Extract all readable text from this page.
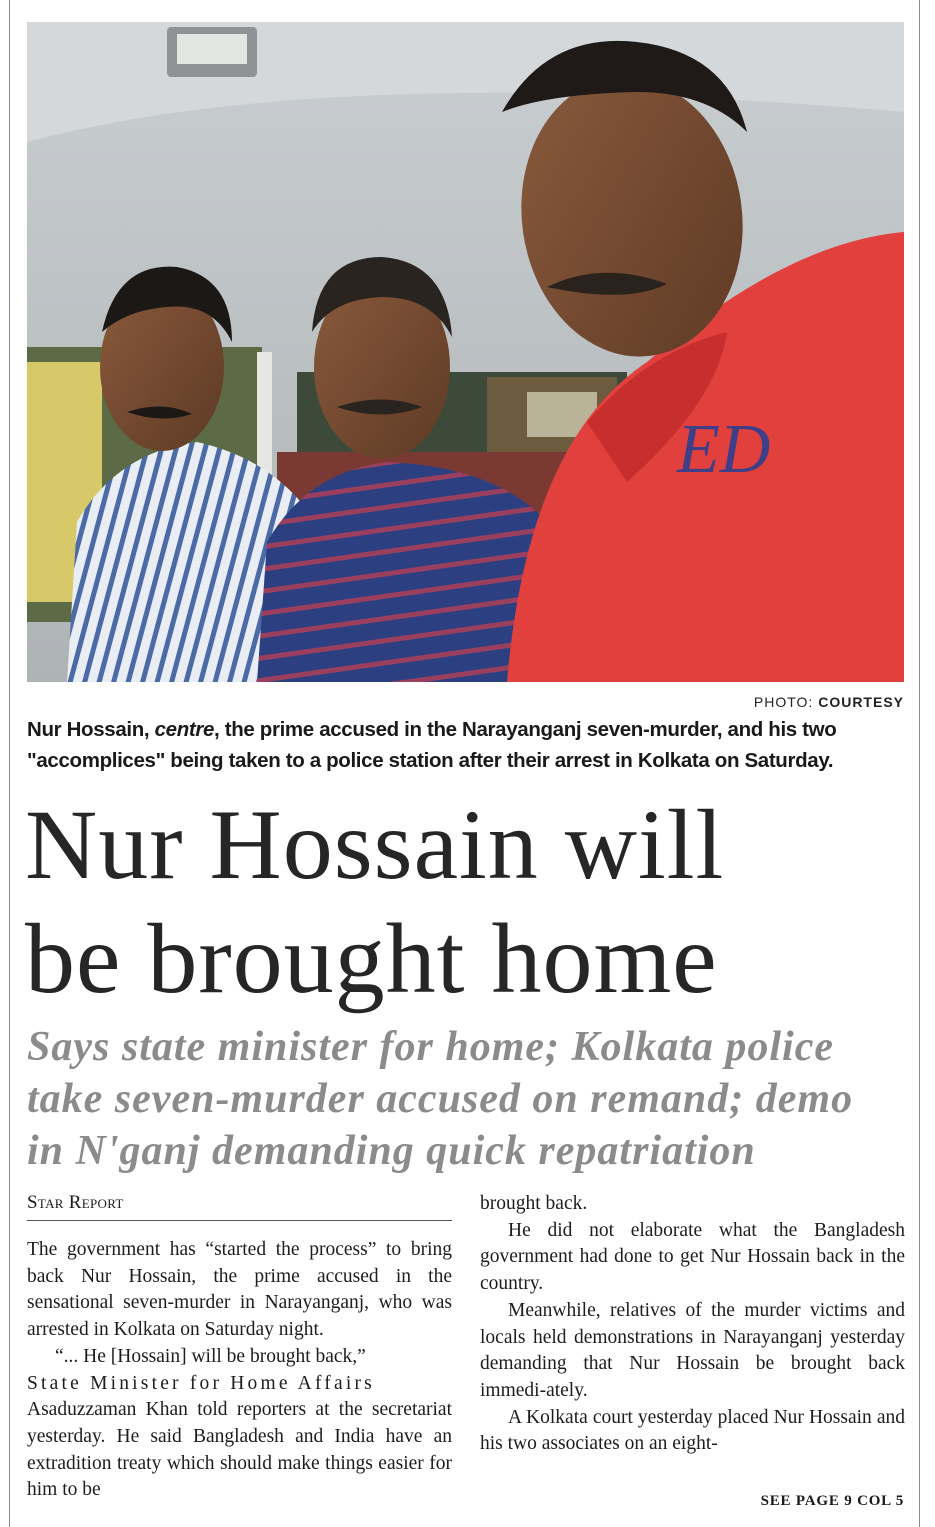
ED
PHOTO: COURTESY
Nur Hossain, centre, the prime accused in the Narayanganj seven-murder, and his two "accomplices" being taken to a police station after their arrest in Kolkata on Saturday.
Nur Hossain will
be brought home
Says state minister for home; Kolkata police
take seven-murder accused on remand; demo
in N'ganj demanding quick repatriation
Star Report

The government has “started the process” to bring back Nur Hossain, the prime accused in the sensational seven-murder in Narayanganj, who was arrested in Kolkata on Saturday night.

“... He [Hossain] will be brought back,”

State Minister for Home Affairs

Asaduzzaman Khan told reporters at the secretariat yesterday. He said Bangladesh and India have an extradition treaty which should make things easier for him to be

brought back.

He did not elaborate what the Bangladesh government had done to get Nur Hossain back in the country.

Meanwhile, relatives of the murder victims and locals held demonstrations in Narayanganj yesterday demanding that Nur Hossain be brought back immedi-ately.

A Kolkata court yesterday placed Nur Hossain and his two associates on an eight-

SEE PAGE 9 COL 5
